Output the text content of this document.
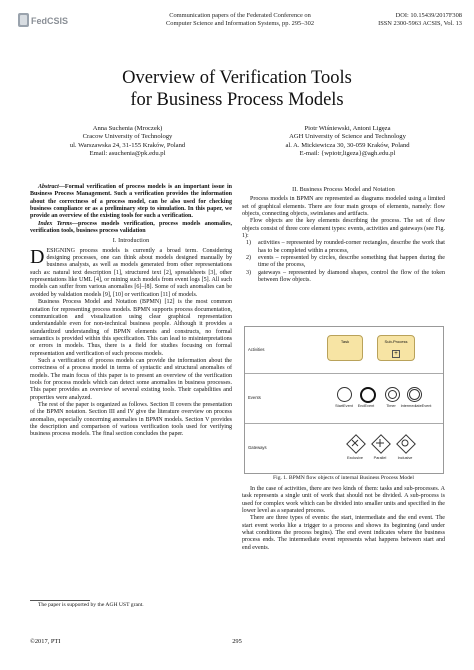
FedCSIS
Communication papers of the Federated Conference on
Computer Science and Information Systems, pp. 295–302
DOI: 10.15439/2017F308
ISSN 2300-5963 ACSIS, Vol. 13
Overview of Verification Tools
for Business Process Models
Anna Suchenia (Mroczek)
Cracow University of Technology
ul. Warszawska 24, 31-155 Kraków, Poland
Email: asuchenia@pk.edu.pl
Piotr Wiśniewski, Antoni Ligęza
AGH University of Science and Technology
al. A. Mickiewicza 30, 30-059 Kraków, Poland
E-mail: {wpiotr,ligeza}@agh.edu.pl

Abstract—Formal verification of process models is an important issue in Business Process Management. Such a verification provides the information about the correctness of a process model, can be also used for checking business compliance or as a preliminary step to simulation. In this paper, we provide an overview of the existing tools for such a verification.

Index Terms—process models verification, process models anomalies, verification tools, business process validation

I. Introduction

DESIGNING process models is currently a broad term. Considering designing processes, one can think about models designed manually by business analysts, as well as models generated from other representations such as: natural text description [1], structured text [2], spreadsheets [3], other representations like UML [4], or mining such models from event logs [5]. All such models can suffer from various anomalies [6]–[8]. Some of such anomalies can be avoided by validation models [9], [10] or verification [11] of models.

Business Process Model and Notation (BPMN) [12] is the most common notation for representing process models. BPMN supports process documentation, communication and visualization using clear graphical representation understandable even for non-technical business people. Although it provides a standardized understanding of BPMN elements and constructs, no formal semantics is provided within this specification. This can lead to misinterpretations or errors in models. Thus, there is a field for studies focusing on formal representation and verification of such process models.

Such a verification of process models can provide the information about the correctness of a process model in terms of syntactic and structural anomalies of models. The main focus of this paper is to present an overview of the verification tools for process models which can detect some anomalies in business processes. This paper provides an overview of several existing tools. Their capabilities and properties were analyzed.

The rest of the paper is organized as follows. Section II covers the presentation of the BPMN notation. Section III and IV give the literature overview on process anomalies, especially concerning anomalies in BPMN models. Section V provides the description and comparison of various verification tools used for verifying business process models. The final section concludes the paper.

The paper is supported by the AGH UST grant.

II. Business Process Model and Notation

Process models in BPMN are represented as diagrams modeled using a limited set of graphical elements. There are four main groups of elements, namely: flow objects, connecting objects, swimlanes and artifacts.

Flow objects are the key elements describing the process. The set of flow objects consist of three core element types: events, activities and gateways (see Fig. 1):

1)	activities – represented by rounded-corner rectangles, describe the work that has to be completed within a process,
2)	events – represented by circles, describe something that happen during the time of the process,
3)	gateways – represented by diamond shapes, control the flow of the token between flow objects.
Activities
Task	Sub-Process
+
Events
StartEvent	EndEvent	Timer	IntermediateEvent
Gateways
Exclusive	Parallel	Inclusive
Fig. 1. BPMN flow objects of internal Business Process Model

In the case of activities, there are two kinds of them: tasks and sub-processes. A task represents a single unit of work that should not be divided. A sub-process is used for complex work which can be divided into smaller units and specified in the lower level as a separated process.

There are three types of events: the start, intermediate and the end event. The start event works like a trigger to a process and shows its beginning (and under what conditions the process begins). The end event indicates where the business process ends. The intermediate event represents what happens between start and end events.

©2017, PTI	295
